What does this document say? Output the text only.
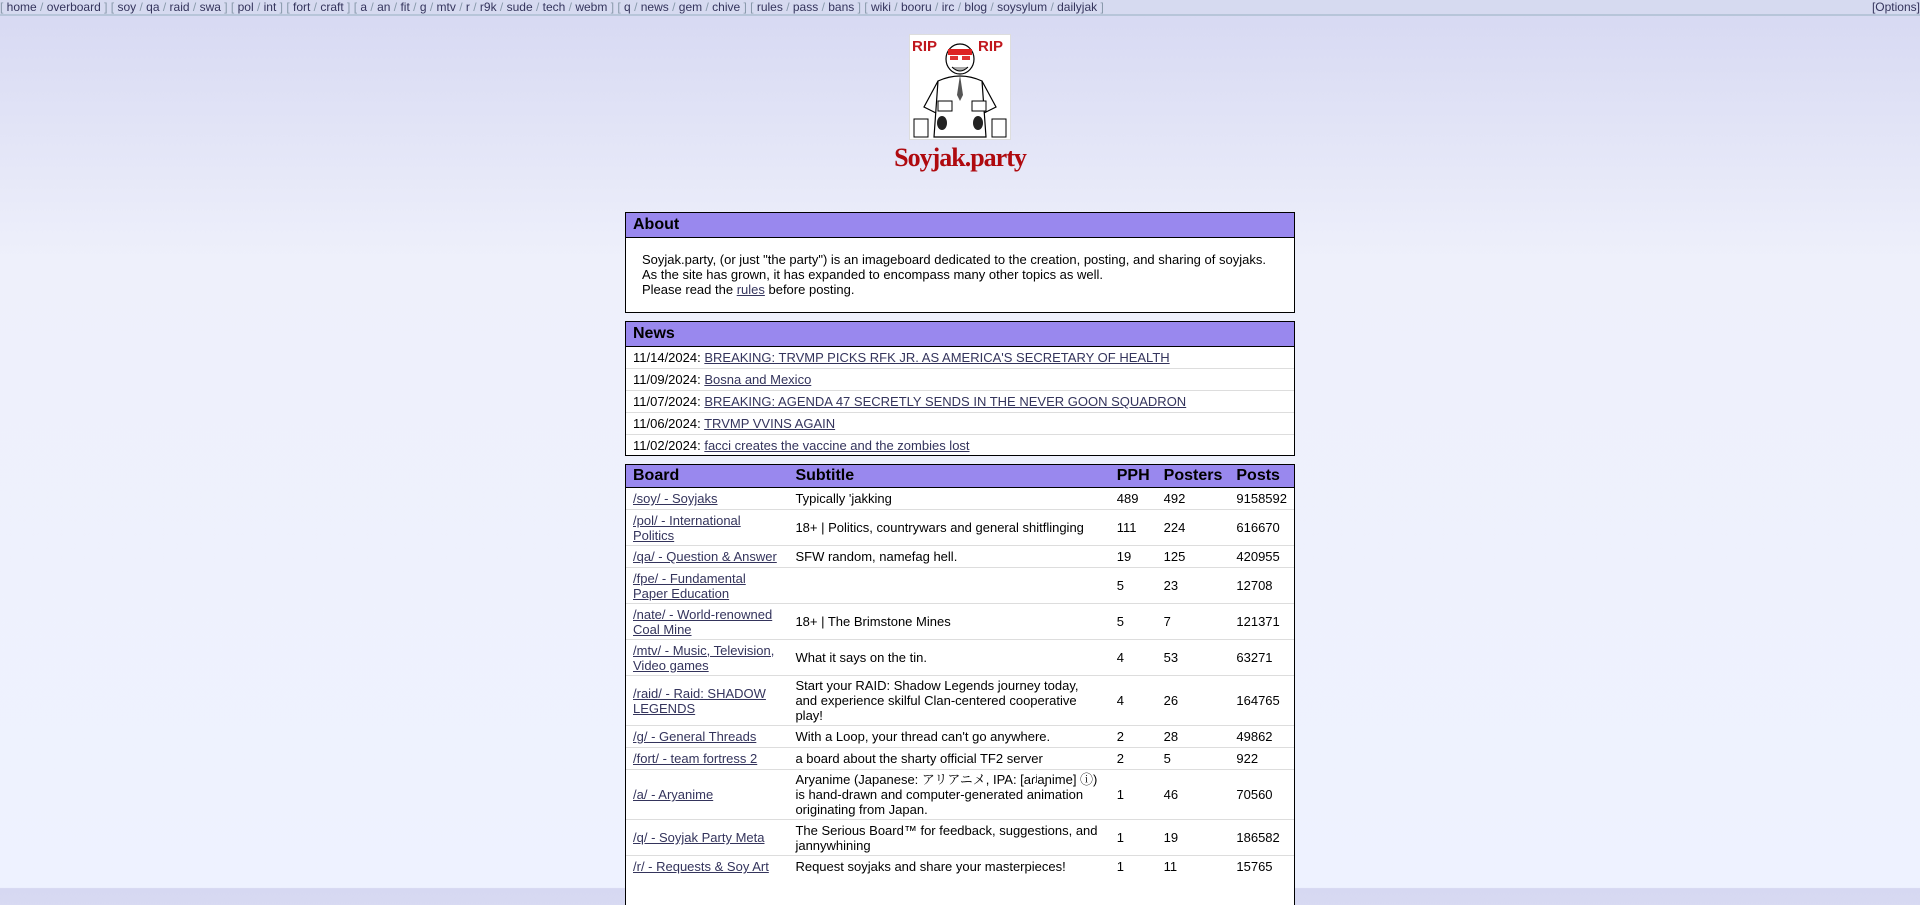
[ home / overboard ] [ soy / qa / raid / swa ] [ pol / int ] [ fort / craft ] [ a / an / fit / g / mtv / r / r9k / sude / tech / webm ] [ q / news / gem / chive ] [ rules / pass / bans ] [ wiki / booru / irc / blog / soysylum / dailyjak ]	[Options]
RIP	RIP
Soyjak.party
About
Soyjak.party, (or just "the party") is an imageboard dedicated to the creation, posting, and sharing of soyjaks. As the site has grown, it has expanded to encompass many other topics as well.
Please read the rules before posting.
News
11/14/2024: BREAKING: TRVMP PICKS RFK JR. AS AMERICA'S SECRETARY OF HEALTH
11/09/2024: Bosna and Mexico
11/07/2024: BREAKING: AGENDA 47 SECRETLY SENDS IN THE NEVER GOON SQUADRON
11/06/2024: TRVMP VVINS AGAIN
11/02/2024: facci creates the vaccine and the zombies lost
Board	Subtitle	PPH	Posters	Posts
/soy/ - Soyjaks	Typically 'jakking	489	492	9158592
/pol/ - International Politics	18+ | Politics, countrywars and general shitflinging	111	224	616670
/qa/ - Question & Answer	SFW random, namefag hell.	19	125	420955
/fpe/ - Fundamental Paper Education		5	23	12708
/nate/ - World-renowned Coal Mine	18+ | The Brimstone Mines	5	7	121371
/mtv/ - Music, Television, Video games	What it says on the tin.	4	53	63271
/raid/ - Raid: SHADOW LEGENDS	Start your RAID: Shadow Legends journey today, and experience skilful Clan-centered cooperative play!	4	26	164765
/g/ - General Threads	With a Loop, your thread can't go anywhere.	2	28	49862
/fort/ - team fortress 2	a board about the sharty official TF2 server	2	5	922
/a/ - Aryanime	Aryanime (Japanese: アリアニメ, IPA: [aɾʲaɲime] ⓘ) is hand-drawn and computer-generated animation originating from Japan.	1	46	70560
/q/ - Soyjak Party Meta	The Serious Board™ for feedback, suggestions, and jannywhining	1	19	186582
/r/ - Requests & Soy Art	Request soyjaks and share your masterpieces!	1	11	15765
